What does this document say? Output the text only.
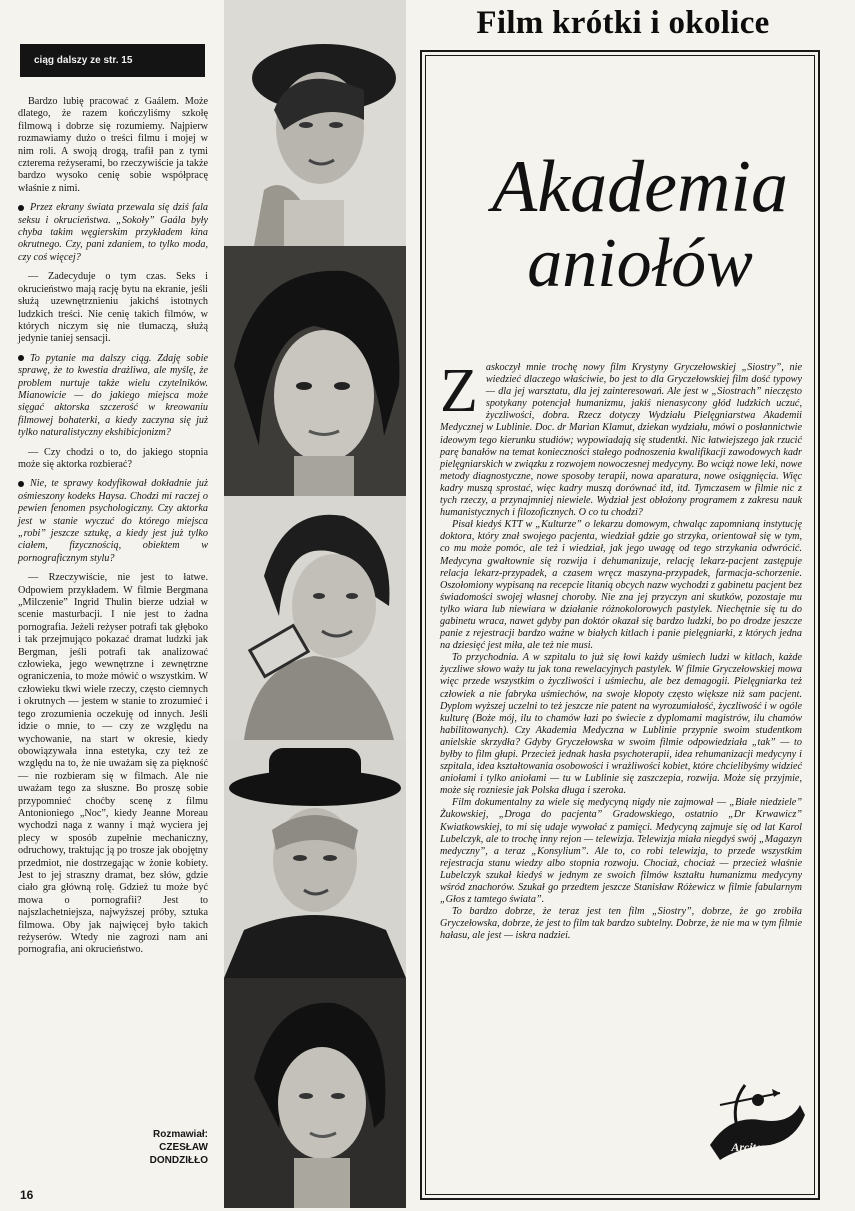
ciąg dalszy ze str. 15

Bardzo lubię pracować z Gaálem. Może dlatego, że razem kończyliśmy szkołę filmową i dobrze się rozumiemy. Najpierw rozmawiamy dużo o treści filmu i mojej w nim roli. A swoją drogą, trafił pan z tymi czterema reżyserami, bo rzeczywiście ja także bardzo wysoko cenię sobie współpracę właśnie z nimi.

Przez ekrany świata przewala się dziś fala seksu i okrucieństwa. „Sokoły” Gaála były chyba takim węgierskim przykładem kina okrutnego. Czy, pani zdaniem, to tylko moda, czy coś więcej?

— Zadecyduje o tym czas. Seks i okrucieństwo mają rację bytu na ekranie, jeśli służą uzewnętrznieniu jakichś istotnych ludzkich treści. Nie cenię takich filmów, w których niczym się nie tłumaczą, służą jedynie taniej sensacji.

To pytanie ma dalszy ciąg. Zdaję sobie sprawę, że to kwestia drażliwa, ale myślę, że problem nurtuje także wielu czytelników. Mianowicie — do jakiego miejsca może sięgać aktorska szczerość w kreowaniu filmowej bohaterki, a kiedy zaczyna się już tylko naturalistyczny ekshibicjonizm?

— Czy chodzi o to, do jakiego stopnia może się aktorka rozbierać?

Nie, te sprawy kodyfikował dokładnie już ośmieszony kodeks Haysa. Chodzi mi raczej o pewien fenomen psychologiczny. Czy aktorka jest w stanie wyczuć do którego miejsca „robi” jeszcze sztukę, a kiedy jest już tylko ciałem, fizycznością, obiektem w pornograficznym stylu?

— Rzeczywiście, nie jest to łatwe. Odpowiem przykładem. W filmie Bergmana „Milczenie” Ingrid Thulin bierze udział w scenie masturbacji. I nie jest to żadna pornografia. Jeżeli reżyser potrafi tak głęboko i tak przejmująco pokazać dramat ludzki jak Bergman, jeśli potrafi tak analizować człowieka, jego wewnętrzne i zewnętrzne ograniczenia, to może mówić o wszystkim. W człowieku tkwi wiele rzeczy, często ciemnych i okrutnych — jestem w stanie to zrozumieć i tego zrozumienia oczekuję od innych. Jeśli idzie o mnie, to — czy ze względu na wychowanie, na start w okresie, kiedy obowiązywała inna estetyka, czy też ze względu na to, że nie uważam się za piękność — nie rozbieram się w filmach. Ale nie uważam tego za słuszne. Bo proszę sobie przypomnieć choćby scenę z filmu Antonioniego „Noc”, kiedy Jeanne Moreau wychodzi naga z wanny i mąż wyciera jej plecy w sposób zupełnie mechaniczny, odruchowy, traktując ją po trosze jak obojętny przedmiot, nie dostrzegając w żonie kobiety. Jest to jej straszny dramat, bez słów, gdzie ciało gra główną rolę. Gdzież tu może być mowa o pornografii? Jest to najszlachetniejsza, najwyższej próby, sztuka filmowa. Oby jak najwięcej było takich reżyserów. Wtedy nie zagrozi nam ani pornografia, ani okrucieństwo.

Rozmawiał:
CZESŁAW
DONDZIŁŁO
16
Film krótki i okolice
Akademia
aniołów

Zaskoczył mnie trochę nowy film Krystyny Gryczełowskiej „Siostry”, nie wiedzieć dlaczego właściwie, bo jest to dla Gryczełowskiej film dość typowy — dla jej warsztatu, dla jej zainteresowań. Ale jest w „Siostrach” nieczęsto spotykany potencjał humanizmu, jakiś nienasycony głód ludzkich uczuć, życzliwości, dobra. Rzecz dotyczy Wydziału Pielęgniarstwa Akademii Medycznej w Lublinie. Doc. dr Marian Klamut, dziekan wydziału, mówi o posłannictwie ideowym tego kierunku studiów; wypowiadają się studentki. Nic łatwiejszego jak rzucić parę banałów na temat konieczności stałego podnoszenia kwalifikacji zawodowych kadr pielęgniarskich w związku z rozwojem nowoczesnej medycyny. Bo wciąż nowe leki, nowe metody diagnostyczne, nowe sposoby terapii, nowa aparatura, nowe osiągnięcia. Więc kadry muszą sprostać, więc kadry muszą dorównać itd, itd. Tymczasem w filmie nic z tych rzeczy, a przynajmniej niewiele. Wydział jest obłożony programem z zakresu nauk humanistycznych i filozoficznych. O co tu chodzi?

Pisał kiedyś KTT w „Kulturze” o lekarzu domowym, chwaląc zapomnianą instytucję doktora, który znał swojego pacjenta, wiedział gdzie go strzyka, orientował się w tym, co mu może pomóc, ale też i wiedział, jak jego uwagę od tego strzykania odwrócić. Medycyna gwałtownie się rozwija i dehumanizuje, relację lekarz-pacjent zastępuje relacja lekarz-przypadek, a czasem wręcz maszyna-przypadek, farmacja-schorzenie. Oszołomiony wypisaną na recepcie litanią obcych nazw wychodzi z gabinetu pacjent bez świadomości swojej własnej choroby. Nie zna jej przyczyn ani skutków, pozostaje mu tylko wiara lub niewiara w działanie różnokolorowych pastylek. Niechętnie się tu do gabinetu wraca, nawet gdyby pan doktór okazał się bardzo ludzki, bo po drodze jeszcze panie z rejestracji bardzo ważne w białych kitlach i panie pielęgniarki, z których jedna na dziesięć jest miła, ale też nie musi.

To przychodnia. A w szpitalu to już się łowi każdy uśmiech ludzi w kitlach, każde życzliwe słowo waży tu jak tona rewelacyjnych pastylek. W filmie Gryczełowskiej mowa więc przede wszystkim o życzliwości i uśmiechu, ale bez demagogii. Pielęgniarka też człowiek a nie fabryka uśmiechów, na swoje kłopoty często większe niż sam pacjent. Dyplom wyższej uczelni to też jeszcze nie patent na wyrozumiałość, życzliwość i w ogóle kulturę (Boże mój, ilu to chamów łazi po świecie z dyplomami magistrów, ilu chamów habilitowanych). Czy Akademia Medyczna w Lublinie przypnie swoim studentkom anielskie skrzydła? Gdyby Gryczełowska w swoim filmie odpowiedziała „tak” — to byłby to film głupi. Przecież jednak hasła psychoterapii, idea rehumanizacji medycyny i szpitala, idea kształtowania osobowości i wrażliwości kobiet, które chcielibyśmy widzieć aniołami i tylko aniołami — tu w Lublinie się zaszczepia, rozwija. Może się przyjmie, może się rozniesie jak Polska długa i szeroka.

Film dokumentalny za wiele się medycyną nigdy nie zajmował — „Białe niedziele” Żukowskiej, „Droga do pacjenta” Gradowskiego, ostatnio „Dr Krwawicz” Kwiatkowskiej, to mi się udaje wywołać z pamięci. Medycyną zajmuje się od lat Karol Lubelczyk, ale to trochę inny rejon — telewizja. Telewizja miała niegdyś swój „Magazyn medyczny”, a teraz „Konsylium”. Ale to, co robi telewizja, to przede wszystkim rejestracja stanu wiedzy albo stopnia rozwoju. Chociaż, chociaż — przecież właśnie Lubelczyk szukał kiedyś w jednym ze swoich filmów kształtu humanizmu medycyny wśród znachorów. Szukał go przedtem jeszcze Stanisław Różewicz w filmie fabularnym „Głos z tamtego świata”.

To bardzo dobrze, że teraz jest ten film „Siostry”, dobrze, że go zrobiła Gryczełowska, dobrze, że jest to film tak bardzo subtelny. Dobrze, że nie ma w tym filmie hałasu, ale jest — iskra nadziei.

Arcitenens
